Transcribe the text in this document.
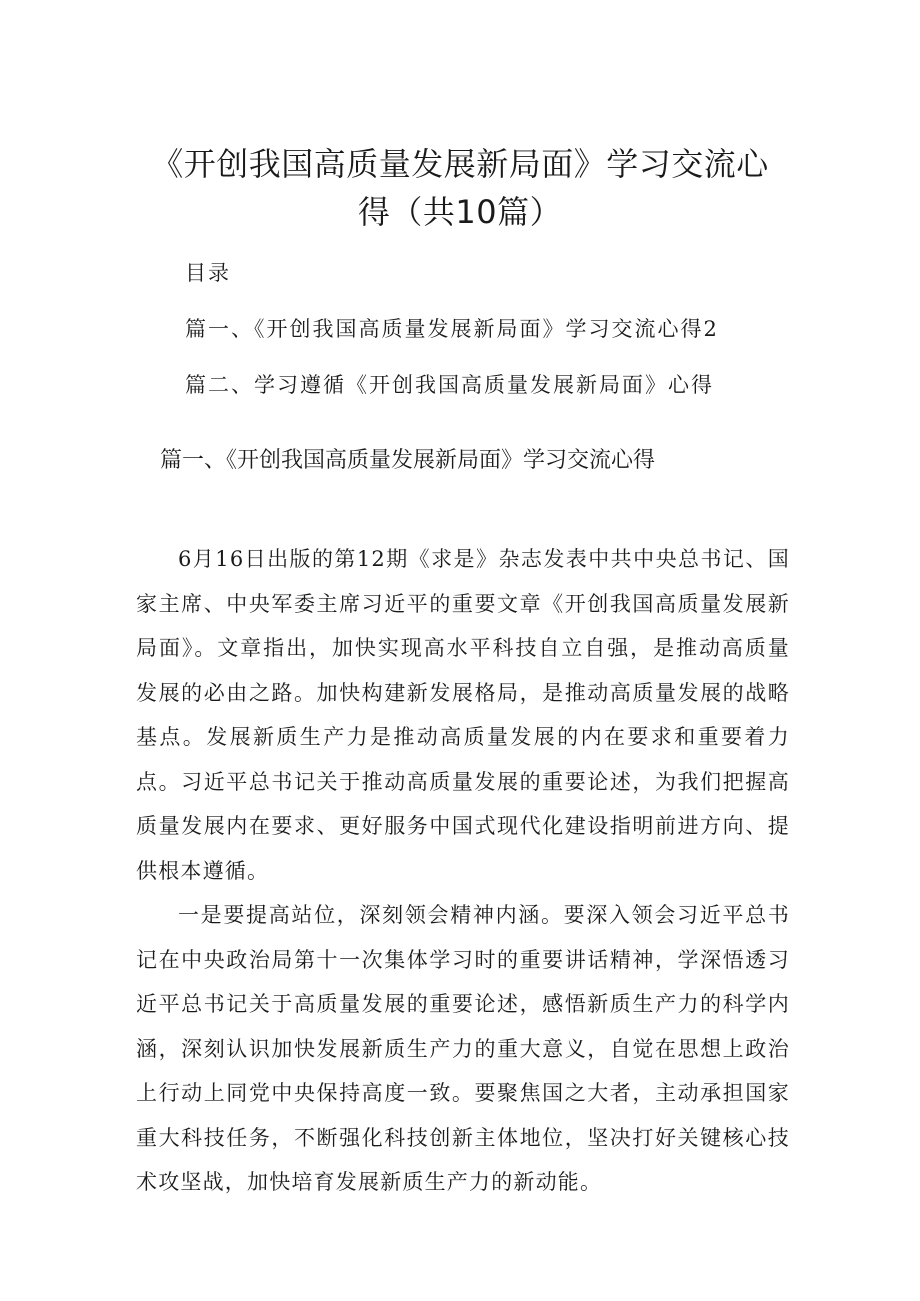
《开创我国高质量发展新局面》学习交流心得（共10篇）
目录
篇一、《开创我国高质量发展新局面》学习交流心得2
篇二、学习遵循《开创我国高质量发展新局面》心得
篇一、《开创我国高质量发展新局面》学习交流心得

6月16日出版的第12期《求是》杂志发表中共中央总书记、国家主席、中央军委主席习近平的重要文章《开创我国高质量发展新局面》。文章指出，加快实现高水平科技自立自强，是推动高质量发展的必由之路。加快构建新发展格局，是推动高质量发展的战略基点。发展新质生产力是推动高质量发展的内在要求和重要着力点。习近平总书记关于推动高质量发展的重要论述，为我们把握高质量发展内在要求、更好服务中国式现代化建设指明前进方向、提供根本遵循。

一是要提高站位，深刻领会精神内涵。要深入领会习近平总书记在中央政治局第十一次集体学习时的重要讲话精神，学深悟透习近平总书记关于高质量发展的重要论述，感悟新质生产力的科学内涵，深刻认识加快发展新质生产力的重大意义，自觉在思想上政治上行动上同党中央保持高度一致。要聚焦国之大者，主动承担国家重大科技任务，不断强化科技创新主体地位，坚决打好关键核心技术攻坚战，加快培育发展新质生产力的新动能。
